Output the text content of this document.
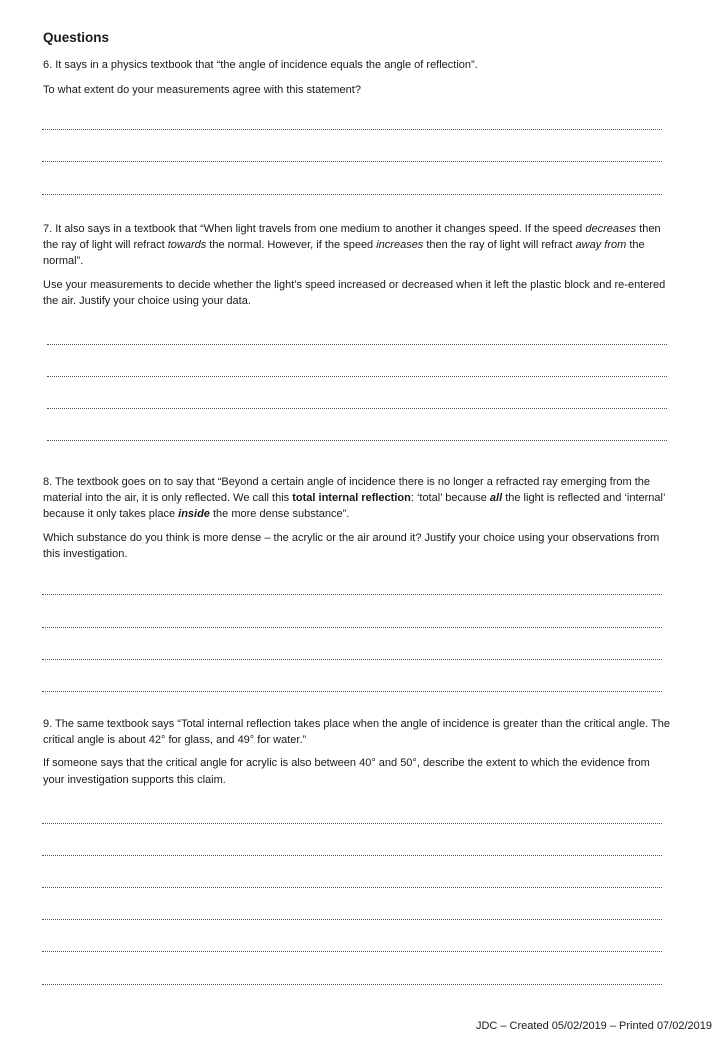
Questions

6. It says in a physics textbook that “the angle of incidence equals the angle of reflection”.

To what extent do your measurements agree with this statement?

7. It also says in a textbook that “When light travels from one medium to another it changes speed. If the speed decreases then the ray of light will refract towards the normal. However, if the speed increases then the ray of light will refract away from the normal”.

Use your measurements to decide whether the light’s speed increased or decreased when it left the plastic block and re-entered the air. Justify your choice using your data.

8. The textbook goes on to say that “Beyond a certain angle of incidence there is no longer a refracted ray emerging from the material into the air, it is only reflected. We call this total internal reflection: ‘total’ because all the light is reflected and ‘internal’ because it only takes place inside the more dense substance”.

Which substance do you think is more dense – the acrylic or the air around it? Justify your choice using your observations from this investigation.

9. The same textbook says “Total internal reflection takes place when the angle of incidence is greater than the critical angle. The critical angle is about 42° for glass, and 49° for water.”

If someone says that the critical angle for acrylic is also between 40° and 50°, describe the extent to which the evidence from your investigation supports this claim.

JDC – Created 05/02/2019 – Printed 07/02/2019
